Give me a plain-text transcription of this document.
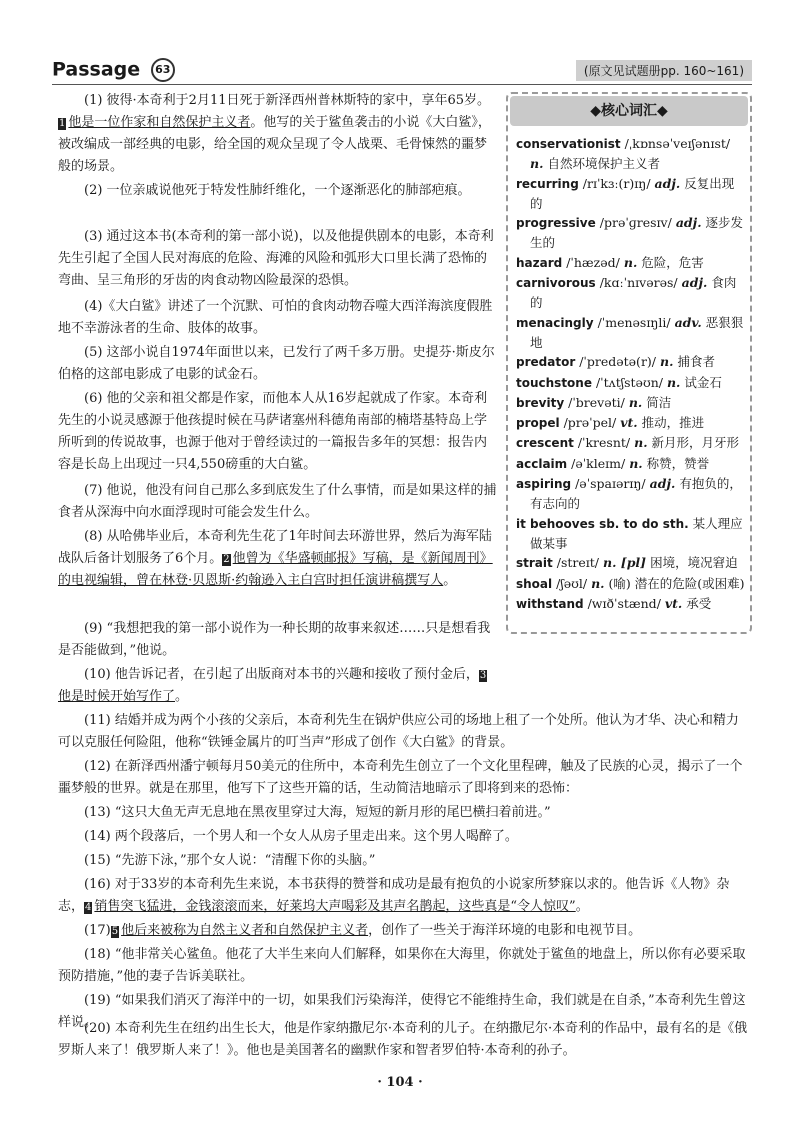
Passage 63	(原文见试题册pp. 160~161)

(1) 彼得·本奇利于2月11日死于新泽西州普林斯特的家中，享年65岁。1 他是一位作家和自然保护主义者。他写的关于鲨鱼袭击的小说《大白鲨》，被改编成一部经典的电影，给全国的观众呈现了令人战栗、毛骨悚然的噩梦般的场景。

(2) 一位亲戚说他死于特发性肺纤维化，一个逐渐恶化的肺部疤痕。

(3) 通过这本书(本奇利的第一部小说)，以及他提供剧本的电影，本奇利先生引起了全国人民对海底的危险、海滩的风险和弧形大口里长满了恐怖的弯曲、呈三角形的牙齿的肉食动物凶险最深的恐惧。

(4)《大白鲨》讲述了一个沉默、可怕的食肉动物吞噬大西洋海滨度假胜地不幸游泳者的生命、肢体的故事。

(5) 这部小说自1974年面世以来，已发行了两千多万册。史提芬·斯皮尔伯格的这部电影成了电影的试金石。

(6) 他的父亲和祖父都是作家，而他本人从16岁起就成了作家。本奇利先生的小说灵感源于他孩提时候在马萨诸塞州科德角南部的楠塔基特岛上学所听到的传说故事，也源于他对于曾经读过的一篇报告多年的冥想：报告内容是长岛上出现过一只4,550磅重的大白鲨。

(7) 他说，他没有问自己那么多到底发生了什么事情，而是如果这样的捕食者从深海中向水面浮现时可能会发生什么。

(8) 从哈佛毕业后，本奇利先生花了1年时间去环游世界，然后为海军陆战队后备计划服务了6个月。2 他曾为《华盛顿邮报》写稿，是《新闻周刊》的电视编辑，曾在林登·贝恩斯·约翰逊入主白宫时担任演讲稿撰写人。

(9) “我想把我的第一部小说作为一种长期的故事来叙述……只是想看我是否能做到，”他说。

(10) 他告诉记者，在引起了出版商对本书的兴趣和接收了预付金后，3他是时候开始写作了。

(11) 结婚并成为两个小孩的父亲后，本奇利先生在锅炉供应公司的场地上租了一个处所。他认为才华、决心和精力可以克服任何险阻，他称“铁锤金属片的叮当声”形成了创作《大白鲨》的背景。

(12) 在新泽西州潘宁顿每月50美元的住所中，本奇利先生创立了一个文化里程碑，触及了民族的心灵，揭示了一个噩梦般的世界。就是在那里，他写下了这些开篇的话，生动简洁地暗示了即将到来的恐怖：

(13) “这只大鱼无声无息地在黑夜里穿过大海，短短的新月形的尾巴横扫着前进。”

(14) 两个段落后，一个男人和一个女人从房子里走出来。这个男人喝醉了。

(15) “先游下泳，”那个女人说：“清醒下你的头脑。”

(16) 对于33岁的本奇利先生来说，本书获得的赞誉和成功是最有抱负的小说家所梦寐以求的。他告诉《人物》杂志，4 销售突飞猛进，金钱滚滚而来，好莱坞大声喝彩及其声名鹊起，这些真是“令人惊叹”。

(17)5 他后来被称为自然主义者和自然保护主义者，创作了一些关于海洋环境的电影和电视节目。

(18) “他非常关心鲨鱼。他花了大半生来向人们解释，如果你在大海里，你就处于鲨鱼的地盘上，所以你有必要采取预防措施，”他的妻子告诉美联社。

(19) “如果我们消灭了海洋中的一切，如果我们污染海洋，使得它不能维持生命，我们就是在自杀，”本奇利先生曾这样说。

(20) 本奇利先生在纽约出生长大，他是作家纳撒尼尔·本奇利的儿子。在纳撒尼尔·本奇利的作品中，最有名的是《俄罗斯人来了！俄罗斯人来了！》。他也是美国著名的幽默作家和智者罗伯特·本奇利的孙子。

◆核心词汇◆
conservationist /ˌkɒnsəˈveɪʃənɪst/ n. 自然环境保护主义者
recurring /rɪˈkɜː(r)ɪŋ/ adj. 反复出现的
progressive /prəˈɡresɪv/ adj. 逐步发生的
hazard /ˈhæzəd/ n. 危险，危害
carnivorous /kɑːˈnɪvərəs/ adj. 食肉的
menacingly /ˈmenəsɪŋli/ adv. 恶狠狠地
predator /ˈpredətə(r)/ n. 捕食者
touchstone /ˈtʌtʃstəʊn/ n. 试金石
brevity /ˈbrevəti/ n. 简洁
propel /prəˈpel/ vt. 推动，推进
crescent /ˈkresnt/ n. 新月形，月牙形
acclaim /əˈkleɪm/ n. 称赞，赞誉
aspiring /əˈspaɪərɪŋ/ adj. 有抱负的，有志向的
it behooves sb. to do sth. 某人理应做某事
strait /streɪt/ n. [pl] 困境，境况窘迫
shoal /ʃəʊl/ n. (喻) 潜在的危险(或困难)
withstand /wɪðˈstænd/ vt. 承受
· 104 ·
